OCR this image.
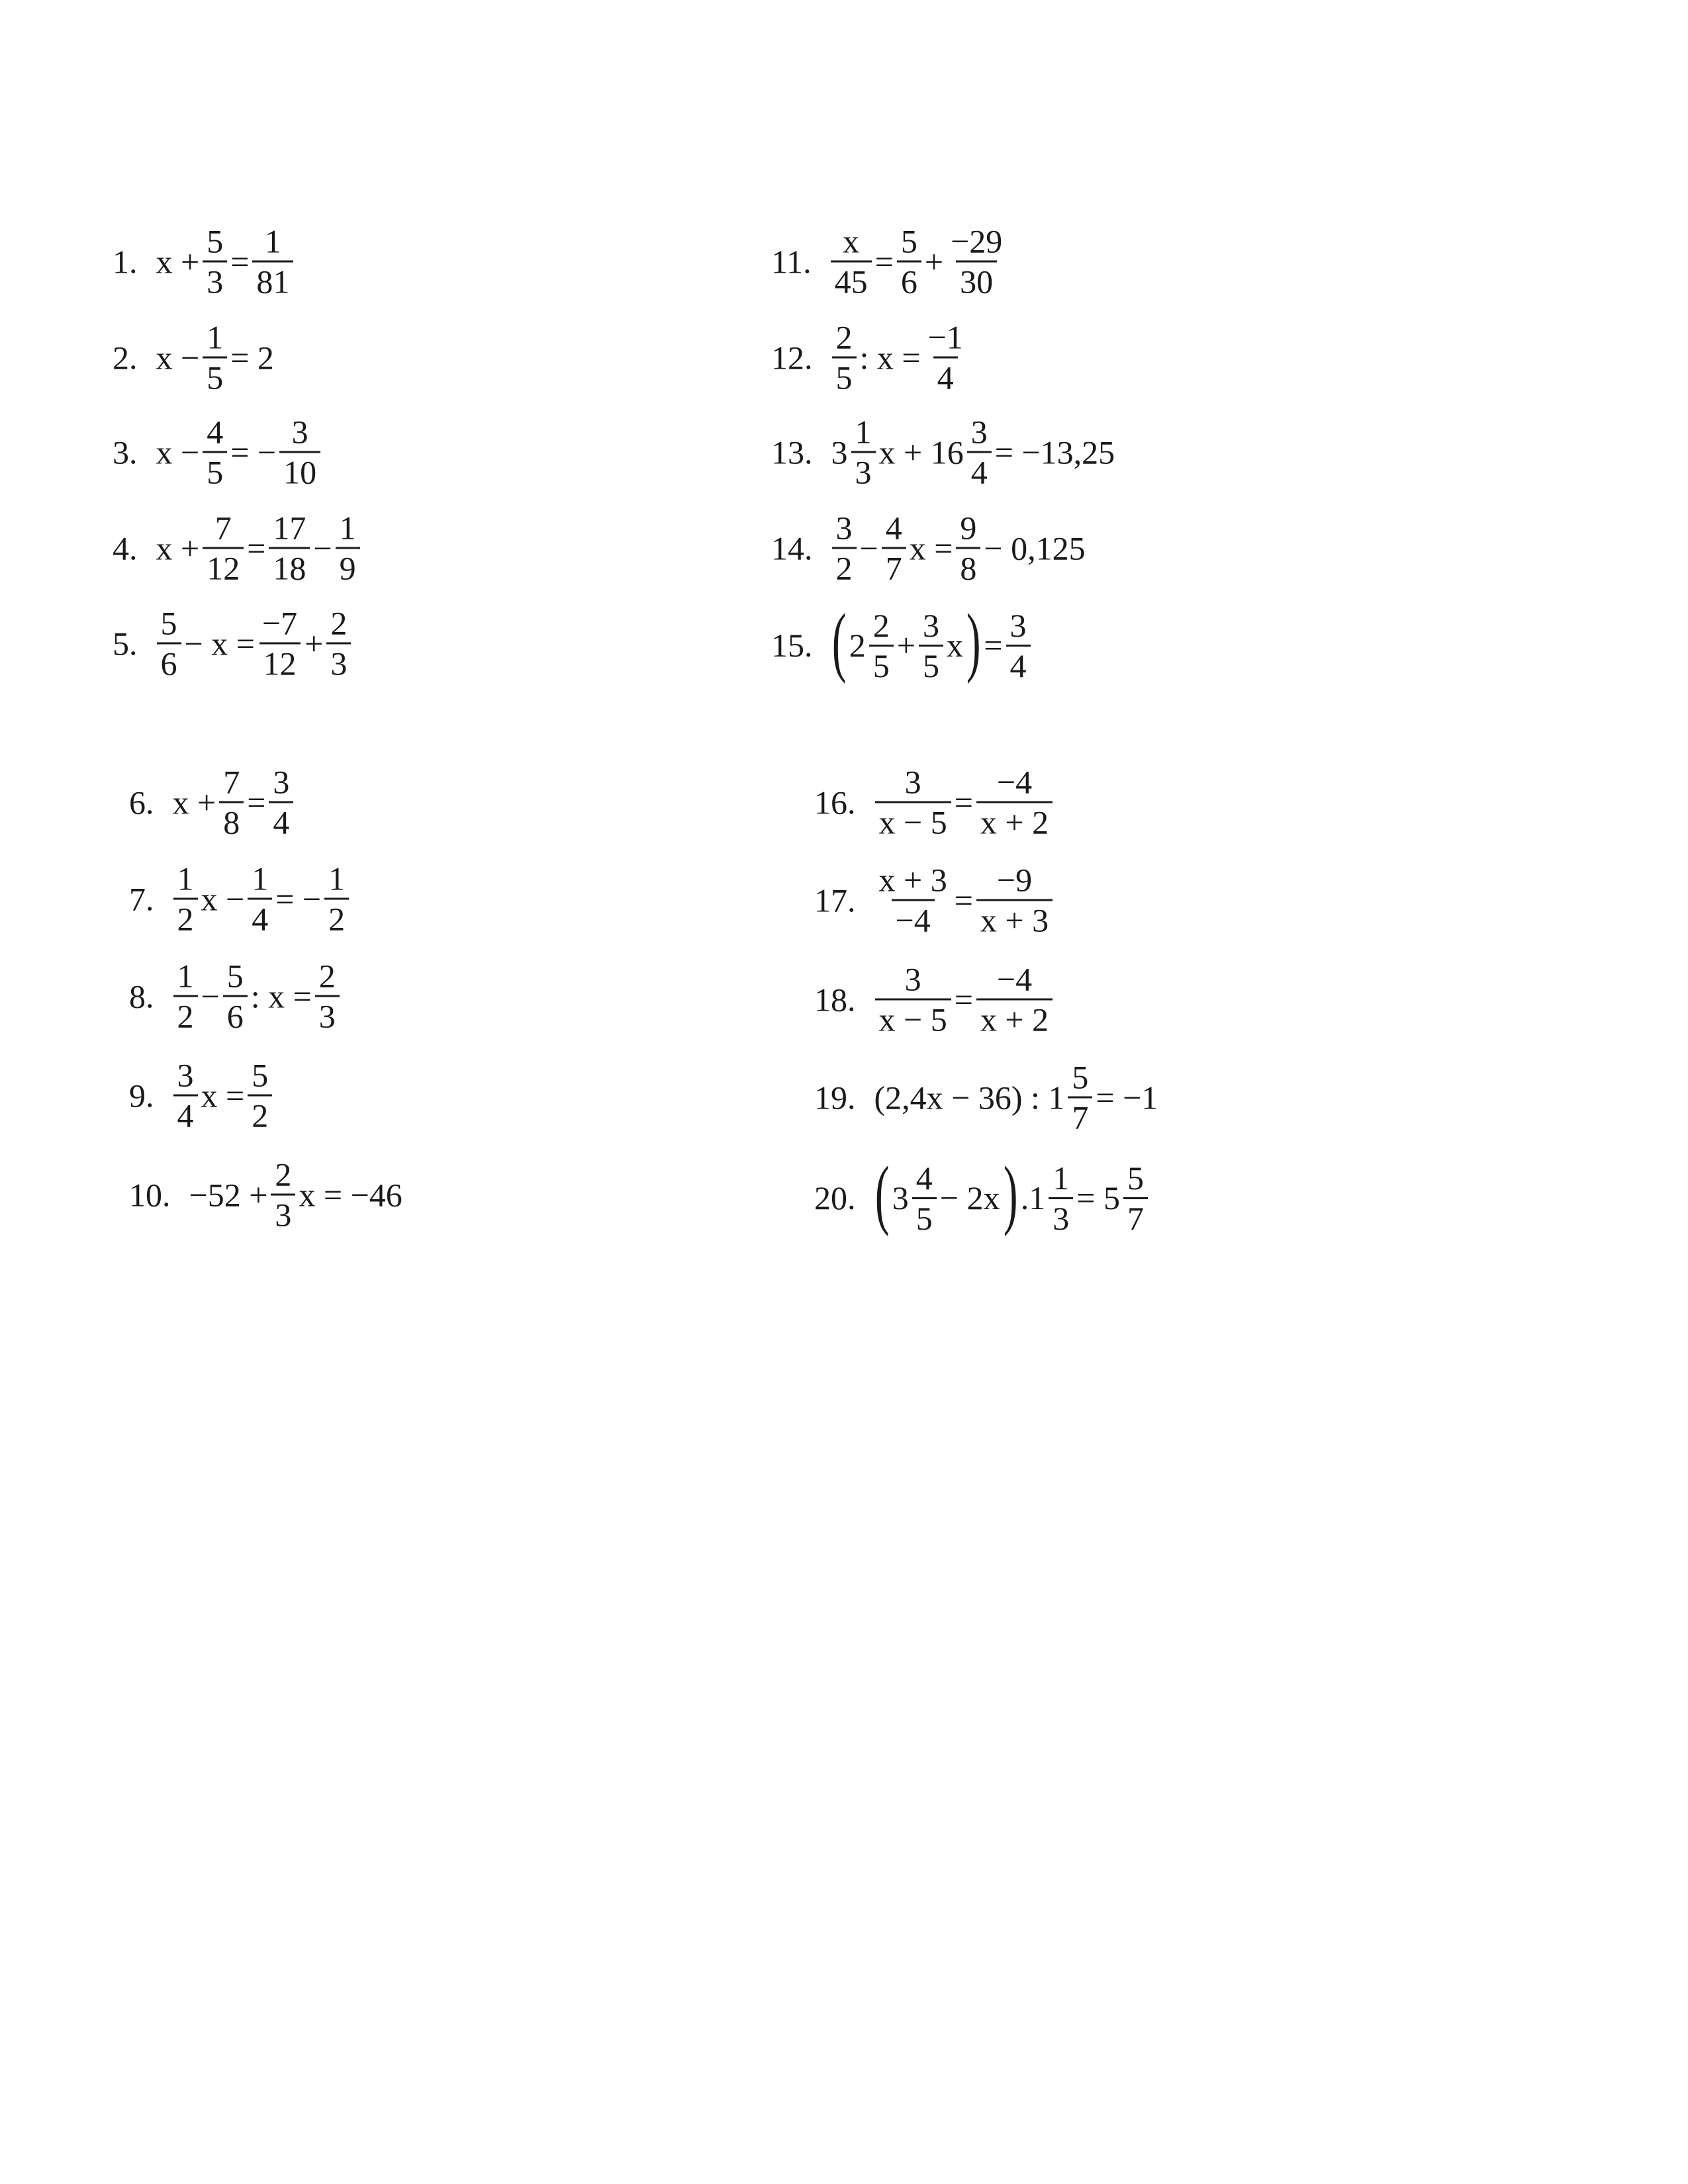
1. $x + \frac{5}{3} = \frac{1}{81}$
2. $x - \frac{1}{5} = 2$
3. $x - \frac{4}{5}$ = − $\frac{3}{10}$
4. $x + \frac{7}{12} = \frac{17}{18} - \frac{1}{9}$
5. $\frac{5}{6} - x = \frac{-7}{12} + \frac{2}{3}$
6. $x + \frac{7}{8} = \frac{3}{4}$
7. $\frac{1}{2}$ $x - \frac{1}{4}$ = − $\frac{1}{2}$
8. $\frac{1}{2} - \frac{5}{6}$ : $x = \frac{2}{3}$
9. $\frac{3}{4}$ $x = \frac{5}{2}$
10. $-52 + \frac{2}{3}$ x = −46
11. $\frac{x}{45} = \frac{5}{6} + \frac{-29}{30}$
12. $\frac{2}{5}$ : $x = \frac{-1}{4}$
13. $3 \frac{1}{3}$ $x + 16 \frac{3}{4} = -13,25$
14. $\frac{3}{2} - \frac{4}{7}$ $x = \frac{9}{8} - 0,125$
15. ( $2 \frac{2}{5} + \frac{3}{5}$ x ) = $\frac{3}{4}$
16. $\frac{3}{x - 5} = \frac{-4}{x + 2}$
17. $\frac{x + 3}{-4} = \frac{-9}{x + 3}$
18. $\frac{3}{x - 5} = \frac{-4}{x + 2}$
19. (2,4x − 36) : $1 \frac{5}{7} = -1$
20. ( $3 \frac{4}{5} - 2x$ ) $.1 \frac{1}{3} = 5 \frac{5}{7}$
